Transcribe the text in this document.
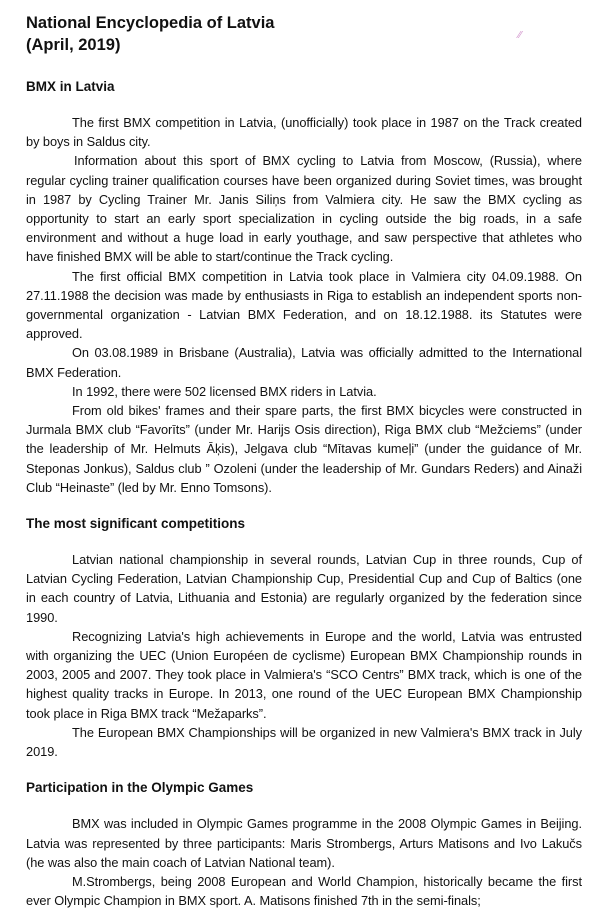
⁄⁄
National Encyclopedia of Latvia
(April, 2019)
BMX in Latvia

The first BMX competition in Latvia, (unofficially) took place in 1987 on the Track created by boys in Saldus city.

Information about this sport of BMX cycling to Latvia from Moscow, (Russia), where regular cycling trainer qualification courses have been organized during Soviet times, was brought in 1987 by Cycling Trainer Mr. Janis Siliņs from Valmiera city. He saw the BMX cycling as opportunity to start an early sport specialization in cycling outside the big roads, in a safe environment and without a huge load in early youthage, and saw perspective that athletes who have finished BMX will be able to start/continue the Track cycling.

The first official BMX competition in Latvia took place in Valmiera city 04.09.1988. On 27.11.1988 the decision was made by enthusiasts in Riga to establish an independent sports non-governmental organization - Latvian BMX Federation, and on 18.12.1988. its Statutes were approved.

On 03.08.1989 in Brisbane (Australia), Latvia was officially admitted to the International BMX Federation.

In 1992, there were 502 licensed BMX riders in Latvia.

From old bikes' frames and their spare parts, the first BMX bicycles were constructed in Jurmala BMX club “Favorīts” (under Mr. Harijs Osis direction), Riga BMX club “Mežciems” (under the leadership of Mr. Helmuts Āķis), Jelgava club “Mītavas kumeļi” (under the guidance of Mr. Steponas Jonkus), Saldus club ” Ozoleni (under the leadership of Mr. Gundars Reders) and Ainaži Club “Heinaste” (led by Mr. Enno Tomsons).

The most significant competitions

Latvian national championship in several rounds, Latvian Cup in three rounds, Cup of Latvian Cycling Federation, Latvian Championship Cup, Presidential Cup and Cup of Baltics (one in each country of Latvia, Lithuania and Estonia) are regularly organized by the federation since 1990.

Recognizing Latvia's high achievements in Europe and the world, Latvia was entrusted with organizing the UEC (Union Européen de cyclisme) European BMX Championship rounds in 2003, 2005 and 2007. They took place in Valmiera's “SCO Centrs” BMX track, which is one of the highest quality tracks in Europe. In 2013, one round of the UEC European BMX Championship took place in Riga BMX track “Mežaparks”.

The European BMX Championships will be organized in new Valmiera's BMX track in July 2019.

Participation in the Olympic Games

BMX was included in Olympic Games programme in the 2008 Olympic Games in Beijing. Latvia was represented by three participants: Maris Strombergs, Arturs Matisons and Ivo Lakučs (he was also the main coach of Latvian National team).

M.Strombergs, being 2008 European and World Champion, historically became the first ever Olympic Champion in BMX sport. A. Matisons finished 7th in the semi-finals;
